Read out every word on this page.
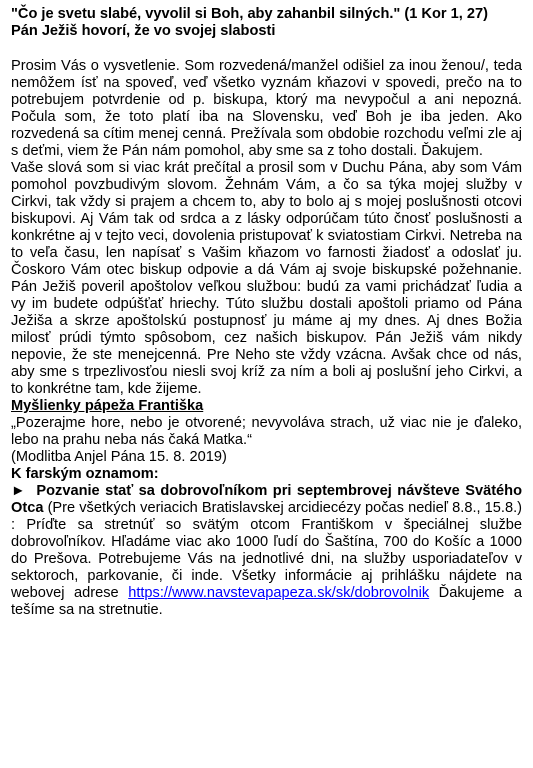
"Čo je svetu slabé, vyvolil si Boh, aby zahanbil silných." (1 Kor 1, 27)

Pán Ježiš hovorí, že vo svojej slabosti

Prosim Vás o vysvetlenie. Som rozvedená/manžel odišiel za inou ženou/, teda nemôžem ísť na spoveď, veď všetko vyznám kňazovi v spovedi, prečo na to potrebujem potvrdenie od p. biskupa, ktorý ma nevypočul a ani nepozná. Počula som, že toto platí iba na Slovensku, veď Boh je iba jeden. Ako rozvedená sa cítim menej cenná. Prežívala som obdobie rozchodu veľmi zle aj s deťmi, viem že Pán nám pomohol, aby sme sa z toho dostali. Ďakujem.

Vaše slová som si viac krát prečítal a prosil som v Duchu Pána, aby som Vám pomohol povzbudivým slovom. Žehnám Vám, a čo sa týka mojej služby v Cirkvi, tak vždy si prajem a chcem to, aby to bolo aj s mojej poslušnosti otcovi biskupovi. Aj Vám tak od srdca a z lásky odporúčam túto čnosť poslušnosti a konkrétne aj v tejto veci, dovolenia pristupovať k sviatostiam Cirkvi. Netreba na to veľa času, len napísať s Vašim kňazom vo farnosti žiadosť a odoslať ju. Čoskoro Vám otec biskup odpovie a dá Vám aj svoje biskupské požehnanie. Pán Ježiš poveril apoštolov veľkou službou: budú za vami prichádzať ľudia a vy im budete odpúšťať hriechy. Túto službu dostali apoštoli priamo od Pána Ježiša a skrze apoštolskú postupnosť ju máme aj my dnes. Aj dnes Božia milosť prúdi týmto spôsobom, cez našich biskupov. Pán Ježiš vám nikdy nepovie, že ste menejcenná. Pre Neho ste vždy vzácna. Avšak chce od nás, aby sme s trpezlivosťou niesli svoj kríž za ním a boli aj poslušní jeho Cirkvi, a to konkrétne tam, kde žijeme.

Myšlienky pápeža Františka

„Pozerajme hore, nebo je otvorené; nevyvoláva strach, už viac nie je ďaleko, lebo na prahu neba nás čaká Matka.“

(Modlitba Anjel Pána 15. 8. 2019)

K farským oznamom:

► Pozvanie stať sa dobrovoľníkom pri septembrovej návšteve Svätého Otca (Pre všetkých veriacich Bratislavskej arcidiecézy počas nedieľ 8.8., 15.8.) : Príďte sa stretnúť so svätým otcom Františkom v špeciálnej službe dobrovoľníkov. Hľadáme viac ako 1000 ľudí do Šaštína, 700 do Košíc a 1000 do Prešova. Potrebujeme Vás na jednotlivé dni, na služby usporiadateľov v sektoroch, parkovanie, či inde. Všetky informácie aj prihlášku nájdete na webovej adrese https://www.navstevapapeza.sk/sk/dobrovolnik Ďakujeme a tešíme sa na stretnutie.
